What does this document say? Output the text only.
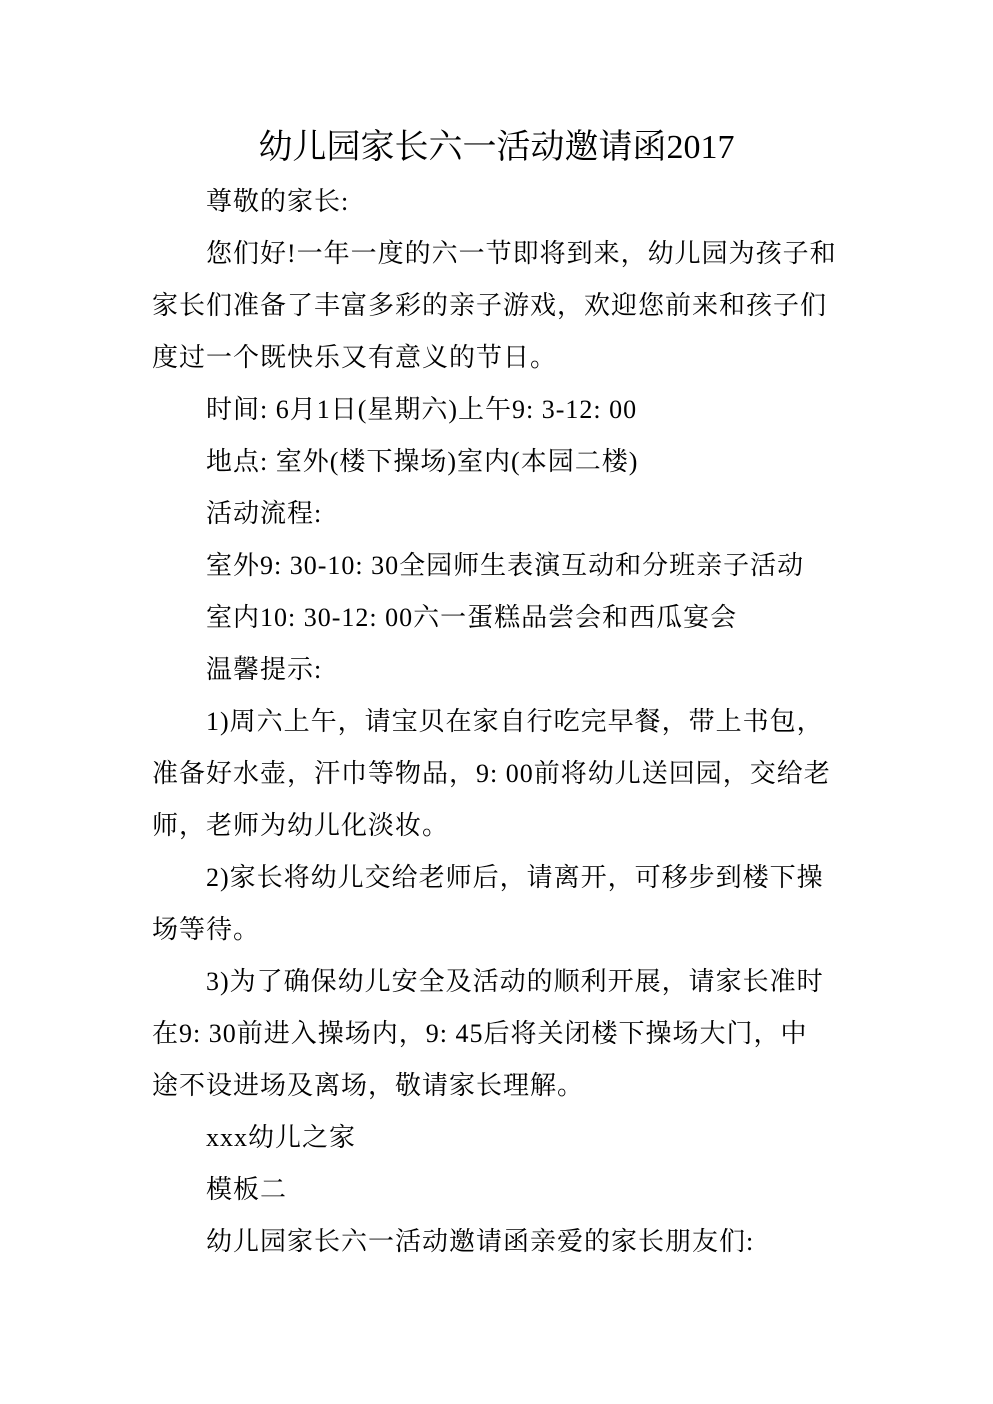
幼儿园家长六一活动邀请函2017
尊敬的家长:
您们好!一年一度的六一节即将到来，幼儿园为孩子和
家长们准备了丰富多彩的亲子游戏，欢迎您前来和孩子们
度过一个既快乐又有意义的节日。
时间: 6月1日(星期六)上午9: 3-12: 00
地点: 室外(楼下操场)室内(本园二楼)
活动流程:
室外9: 30-10: 30全园师生表演互动和分班亲子活动
室内10: 30-12: 00六一蛋糕品尝会和西瓜宴会
温馨提示:
1)周六上午，请宝贝在家自行吃完早餐，带上书包，
准备好水壶，汗巾等物品，9: 00前将幼儿送回园，交给老
师，老师为幼儿化淡妆。
2)家长将幼儿交给老师后，请离开，可移步到楼下操
场等待。
3)为了确保幼儿安全及活动的顺利开展，请家长准时
在9: 30前进入操场内，9: 45后将关闭楼下操场大门，中
途不设进场及离场，敬请家长理解。
xxx幼儿之家
模板二
幼儿园家长六一活动邀请函亲爱的家长朋友们:
